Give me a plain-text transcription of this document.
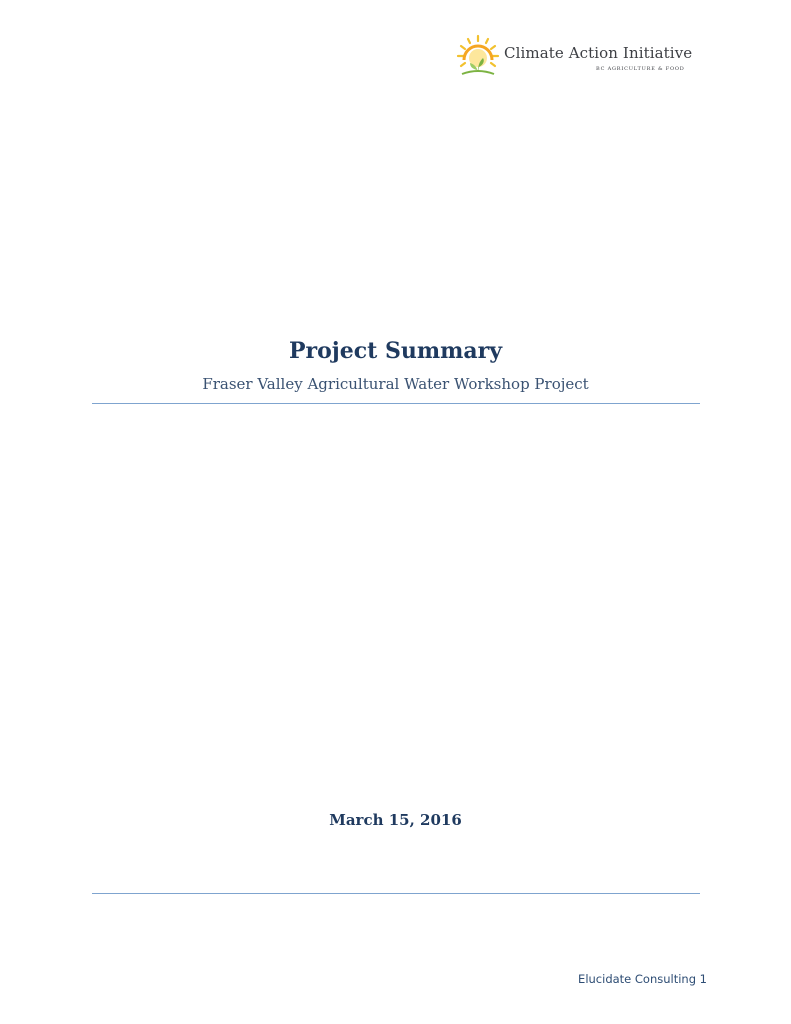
Climate Action Initiative
BC AGRICULTURE & FOOD
Project Summary
Fraser Valley Agricultural Water Workshop Project
March 15, 2016
Elucidate Consulting 1
